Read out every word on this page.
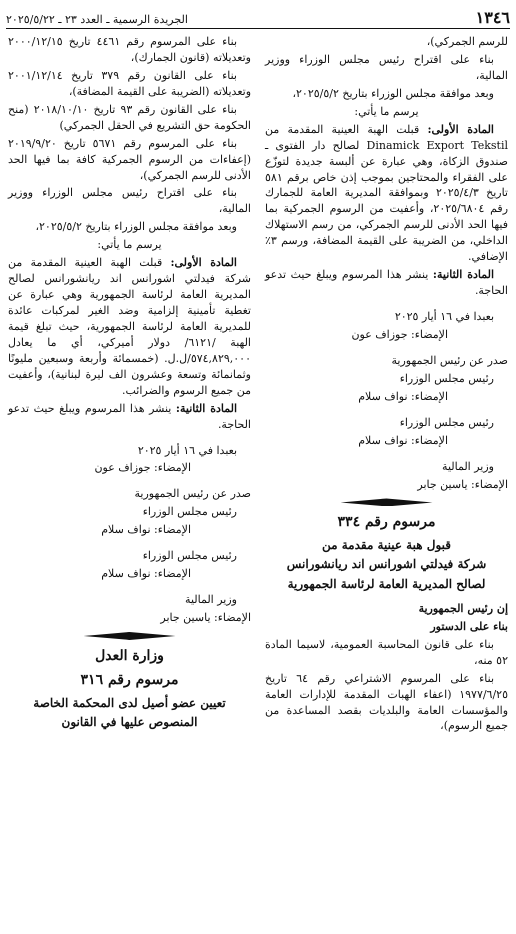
١٣٤٦
الجريدة الرسمية ـ العدد ٢٣ ـ ٢٠٢٥/٥/٢٢

للرسم الجمركي)،

بناء على اقتراح رئيس مجلس الوزراء ووزير المالية،

وبعد موافقة مجلس الوزراء بتاريخ ٢٠٢٥/٥/٢،

يرسم ما يأتي:

المادة الأولى: قبلت الهبة العينية المقدمة من Dinamick Export Tekstil لصالح دار الفتوى ـ صندوق الزكاة، وهي عبارة عن ألبسة جديدة لتوزّع على الفقراء والمحتاجين بموجب إذن خاص برقم ٥٨١ تاريخ ٢٠٢٥/٤/٣ وبموافقة المديرية العامة للجمارك رقم ٢٠٢٥/٦٨٠٤، وأعفيت من الرسوم الجمركية بما فيها الحد الأدنى للرسم الجمركي، من رسم الاستهلاك الداخلي، من الضريبة على القيمة المضافة، ورسم ٣٪ الإضافي.

المادة الثانية: ينشر هذا المرسوم ويبلغ حيث تدعو الحاجة.

بعبدا في ١٦ أيار ٢٠٢٥

الإمضاء: جوزاف عون

صدر عن رئيس الجمهورية

رئيس مجلس الوزراء

الإمضاء: نواف سلام

رئيس مجلس الوزراء

الإمضاء: نواف سلام

وزير المالية

الإمضاء: ياسين جابر

مرسوم رقم ٣٣٤

قبول هبة عينية مقدمة من

شركة فيدلتي اشورانس اند ريانشورانس

لصالح المديرية العامة لرئاسة الجمهورية

إن رئيس الجمهورية

بناء على الدستور

بناء على قانون المحاسبة العمومية، لاسيما المادة ٥٢ منه،

بناء على المرسوم الاشتراعي رقم ٦٤ تاريخ ١٩٧٧/٦/٢٥ (اعفاء الهبات المقدمة للإدارات العامة والمؤسسات العامة والبلديات بقصد المساعدة من جميع الرسوم)،

بناء على المرسوم رقم ٤٤٦١ تاريخ ٢٠٠٠/١٢/١٥ وتعديلاته (قانون الجمارك)،

بناء على القانون رقم ٣٧٩ تاريخ ٢٠٠١/١٢/١٤ وتعديلاته (الضريبة على القيمة المضافة)،

بناء على القانون رقم ٩٣ تاريخ ٢٠١٨/١٠/١٠ (منح الحكومة حق التشريع في الحقل الجمركي)

بناء على المرسوم رقم ٥٦٧١ تاريخ ٢٠١٩/٩/٢٠ (إعفاءات من الرسوم الجمركية كافة بما فيها الحد الأدنى للرسم الجمركي)،

بناء على اقتراح رئيس مجلس الوزراء ووزير المالية،

وبعد موافقة مجلس الوزراء بتاريخ ٢٠٢٥/٥/٢،

يرسم ما يأتي:

المادة الأولى: قبلت الهبة العينية المقدمة من شركة فيدلتي اشورانس اند ريانشورانس لصالح المديرية العامة لرئاسة الجمهورية وهي عبارة عن تغطية تأمينية إلزامية وضد الغير لمركبات عائدة للمديرية العامة لرئاسة الجمهورية، حيث تبلغ قيمة الهبة /٦١٢١/ دولار أميركي، أي ما يعادل ٥٧٤,٨٢٩,٠٠٠/ل.ل. (خمسمائة وأربعة وسبعين مليونًا وثمانمائة وتسعة وعشرون الف ليرة لبنانية)، وأعفيت من جميع الرسوم والضرائب.

المادة الثانية: ينشر هذا المرسوم ويبلغ حيث تدعو الحاجة.

بعبدا في ١٦ أيار ٢٠٢٥

الإمضاء: جوزاف عون

صدر عن رئيس الجمهورية

رئيس مجلس الوزراء

الإمضاء: نواف سلام

رئيس مجلس الوزراء

الإمضاء: نواف سلام

وزير المالية

الإمضاء: ياسين جابر

وزارة العدل

مرسوم رقم ٣١٦

تعيين عضو أصيل لدى المحكمة الخاصة

المنصوص عليها في القانون
